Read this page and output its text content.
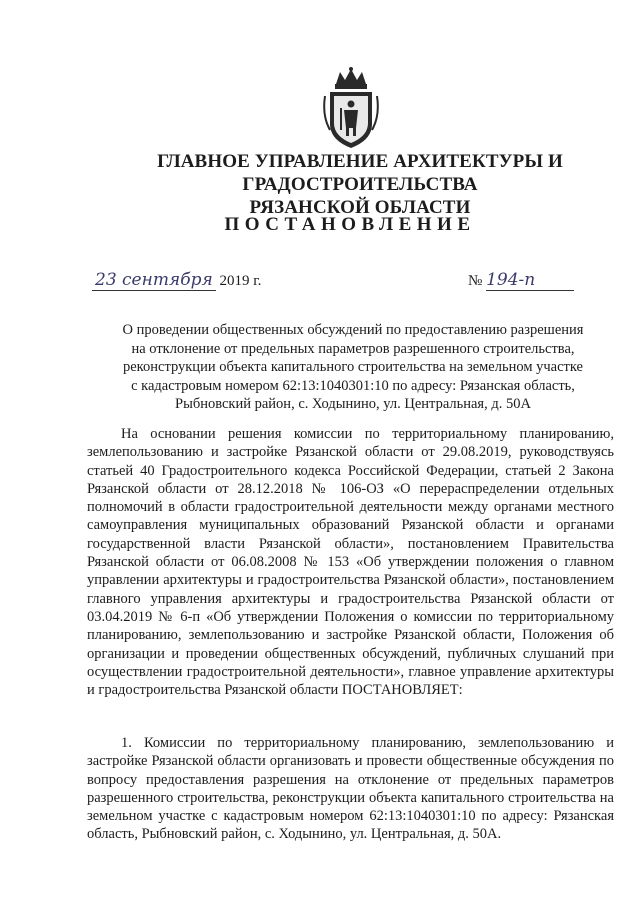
ГЛАВНОЕ УПРАВЛЕНИЕ АРХИТЕКТУРЫ И ГРАДОСТРОИТЕЛЬСТВА
РЯЗАНСКОЙ ОБЛАСТИ
ПОСТАНОВЛЕНИЕ
23 сентября 2019 г.	№ 194-п
О проведении общественных обсуждений по предоставлению разрешения
на отклонение от предельных параметров разрешенного строительства,
реконструкции объекта капитального строительства на земельном участке
с кадастровым номером 62:13:1040301:10 по адресу: Рязанская область,
Рыбновский район, с. Ходынино, ул. Центральная, д. 50А
На основании решения комиссии по территориальному планированию, землепользованию и застройке Рязанской области от 29.08.2019, руководствуясь статьей 40 Градостроительного кодекса Российской Федерации, статьей 2 Закона Рязанской области от 28.12.2018 № 106-ОЗ «О перераспределении отдельных полномочий в области градостроительной деятельности между органами местного самоуправления муниципальных образований Рязанской области и органами государственной власти Рязанской области», постановлением Правительства Рязанской области от 06.08.2008 № 153 «Об утверждении положения о главном управлении архитектуры и градостроительства Рязанской области», постановлением главного управления архитектуры и градостроительства Рязанской области от 03.04.2019 № 6-п «Об утверждении Положения о комиссии по территориальному планированию, землепользованию и застройке Рязанской области, Положения об организации и проведении общественных обсуждений, публичных слушаний при осуществлении градостроительной деятельности», главное управление архитектуры и градостроительства Рязанской области ПОСТАНОВЛЯЕТ:
1. Комиссии по территориальному планированию, землепользованию и застройке Рязанской области организовать и провести общественные обсуждения по вопросу предоставления разрешения на отклонение от предельных параметров разрешенного строительства, реконструкции объекта капитального строительства на земельном участке с кадастровым номером 62:13:1040301:10 по адресу: Рязанская область, Рыбновский район, с. Ходынино, ул. Центральная, д. 50А.
